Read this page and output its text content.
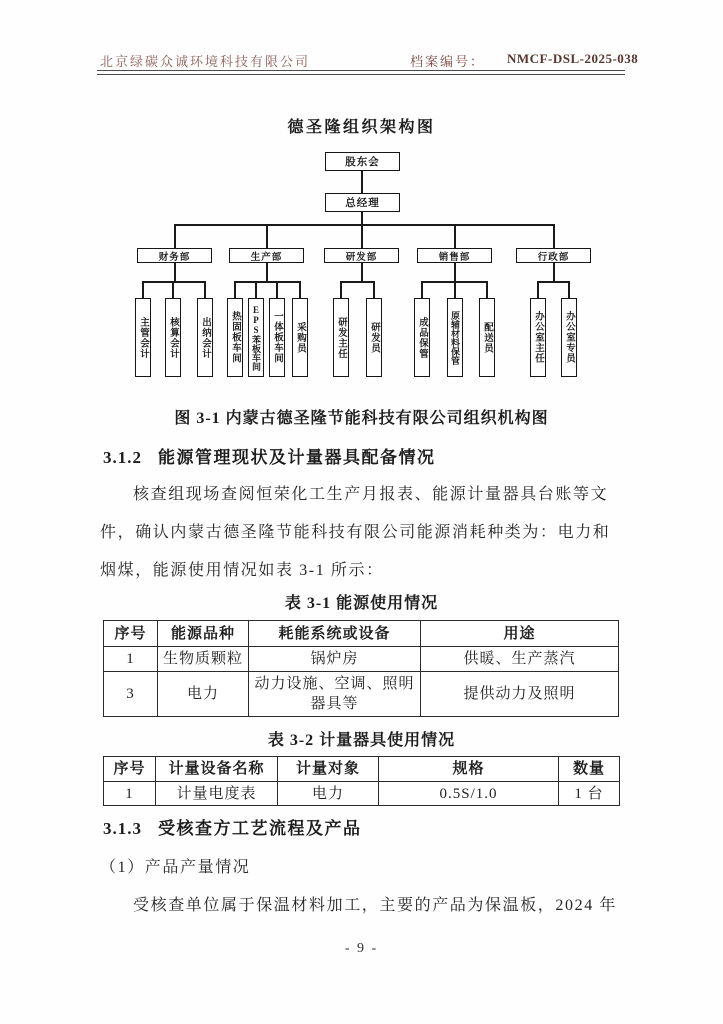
北京绿碳众诚环境科技有限公司	档案编号： NMCF-DSL-2025-038
德圣隆组织架构图
股东会
总经理
财务部	生产部	研发部	销售部	行政部
主管会计	核算会计	出纳会计	热固板车间	EPS苯板车间	一体板车间	采购员	研发主任	研发员	成品保管	原辅材料保管	配送员	办公室主任	办公室专员
图 3-1 内蒙古德圣隆节能科技有限公司组织机构图
3.1.2 能源管理现状及计量器具配备情况
核查组现场查阅恒荣化工生产月报表、能源计量器具台账等文
件，确认内蒙古德圣隆节能科技有限公司能源消耗种类为：电力和
烟煤，能源使用情况如表 3-1 所示：
表 3-1 能源使用情况
序号	能源品种	耗能系统或设备	用途
1	生物质颗粒	锅炉房	供暖、生产蒸汽
3	电力	动力设施、空调、照明器具等	提供动力及照明
表 3-2 计量器具使用情况
序号	计量设备名称	计量对象	规格	数量
1	计量电度表	电力	0.5S/1.0	1 台
3.1.3 受核查方工艺流程及产品
（1）产品产量情况
受核查单位属于保温材料加工，主要的产品为保温板，2024 年
- 9 -
